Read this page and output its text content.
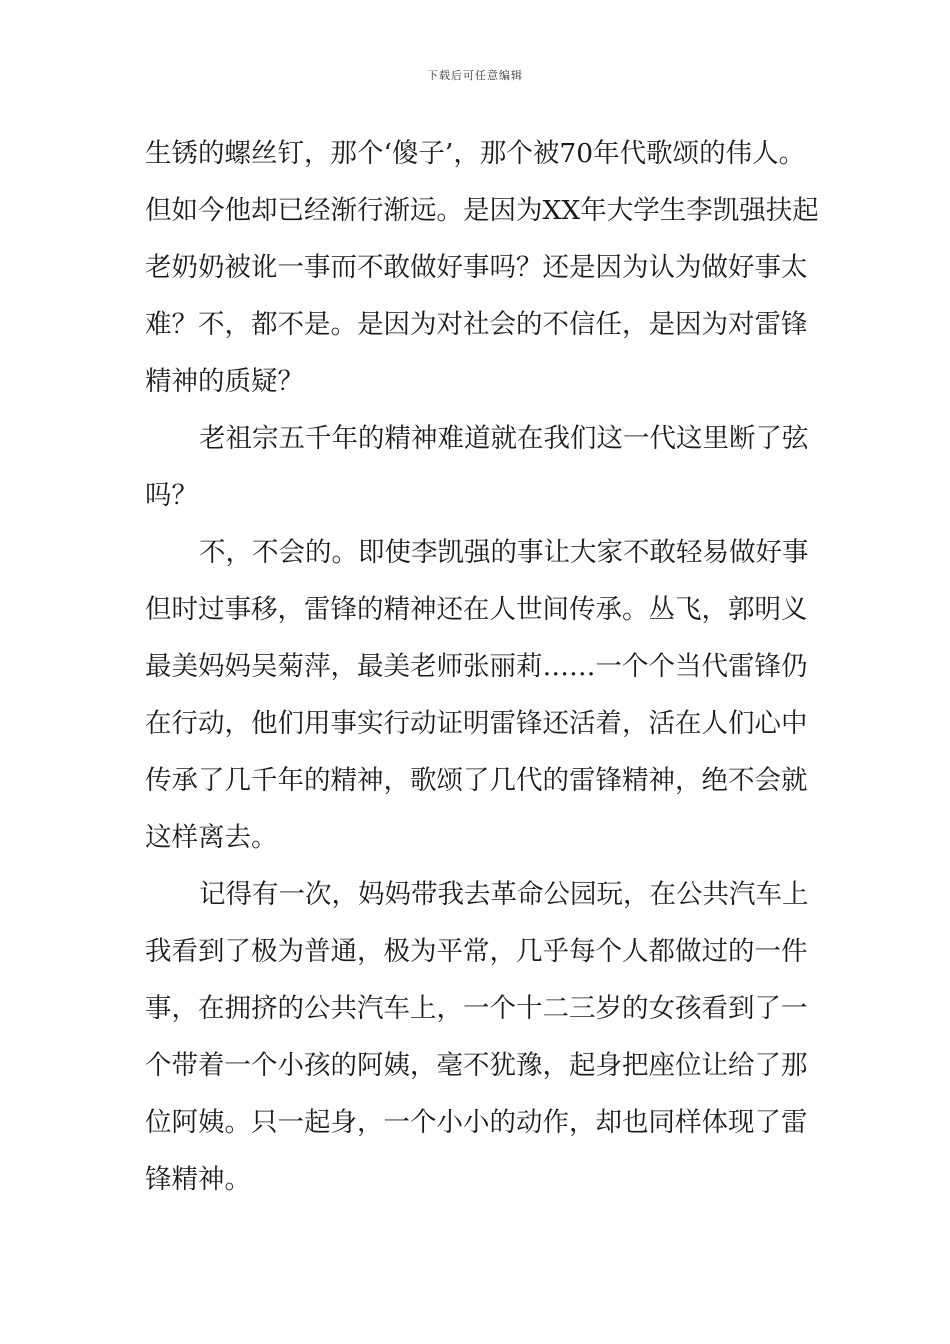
下载后可任意编辑
生锈的螺丝钉，那个‘傻子’，那个被70年代歌颂的伟人。
但如今他却已经渐行渐远。是因为XX年大学生李凯强扶起
老奶奶被讹一事而不敢做好事吗？还是因为认为做好事太
难？不，都不是。是因为对社会的不信任，是因为对雷锋
精神的质疑？
老祖宗五千年的精神难道就在我们这一代这里断了弦
吗？
不，不会的。即使李凯强的事让大家不敢轻易做好事
但时过事移，雷锋的精神还在人世间传承。丛飞，郭明义
最美妈妈吴菊萍，最美老师张丽莉……一个个当代雷锋仍
在行动，他们用事实行动证明雷锋还活着，活在人们心中
传承了几千年的精神，歌颂了几代的雷锋精神，绝不会就
这样离去。
记得有一次，妈妈带我去革命公园玩，在公共汽车上
我看到了极为普通，极为平常，几乎每个人都做过的一件
事，在拥挤的公共汽车上，一个十二三岁的女孩看到了一
个带着一个小孩的阿姨，毫不犹豫，起身把座位让给了那
位阿姨。只一起身，一个小小的动作，却也同样体现了雷
锋精神。
